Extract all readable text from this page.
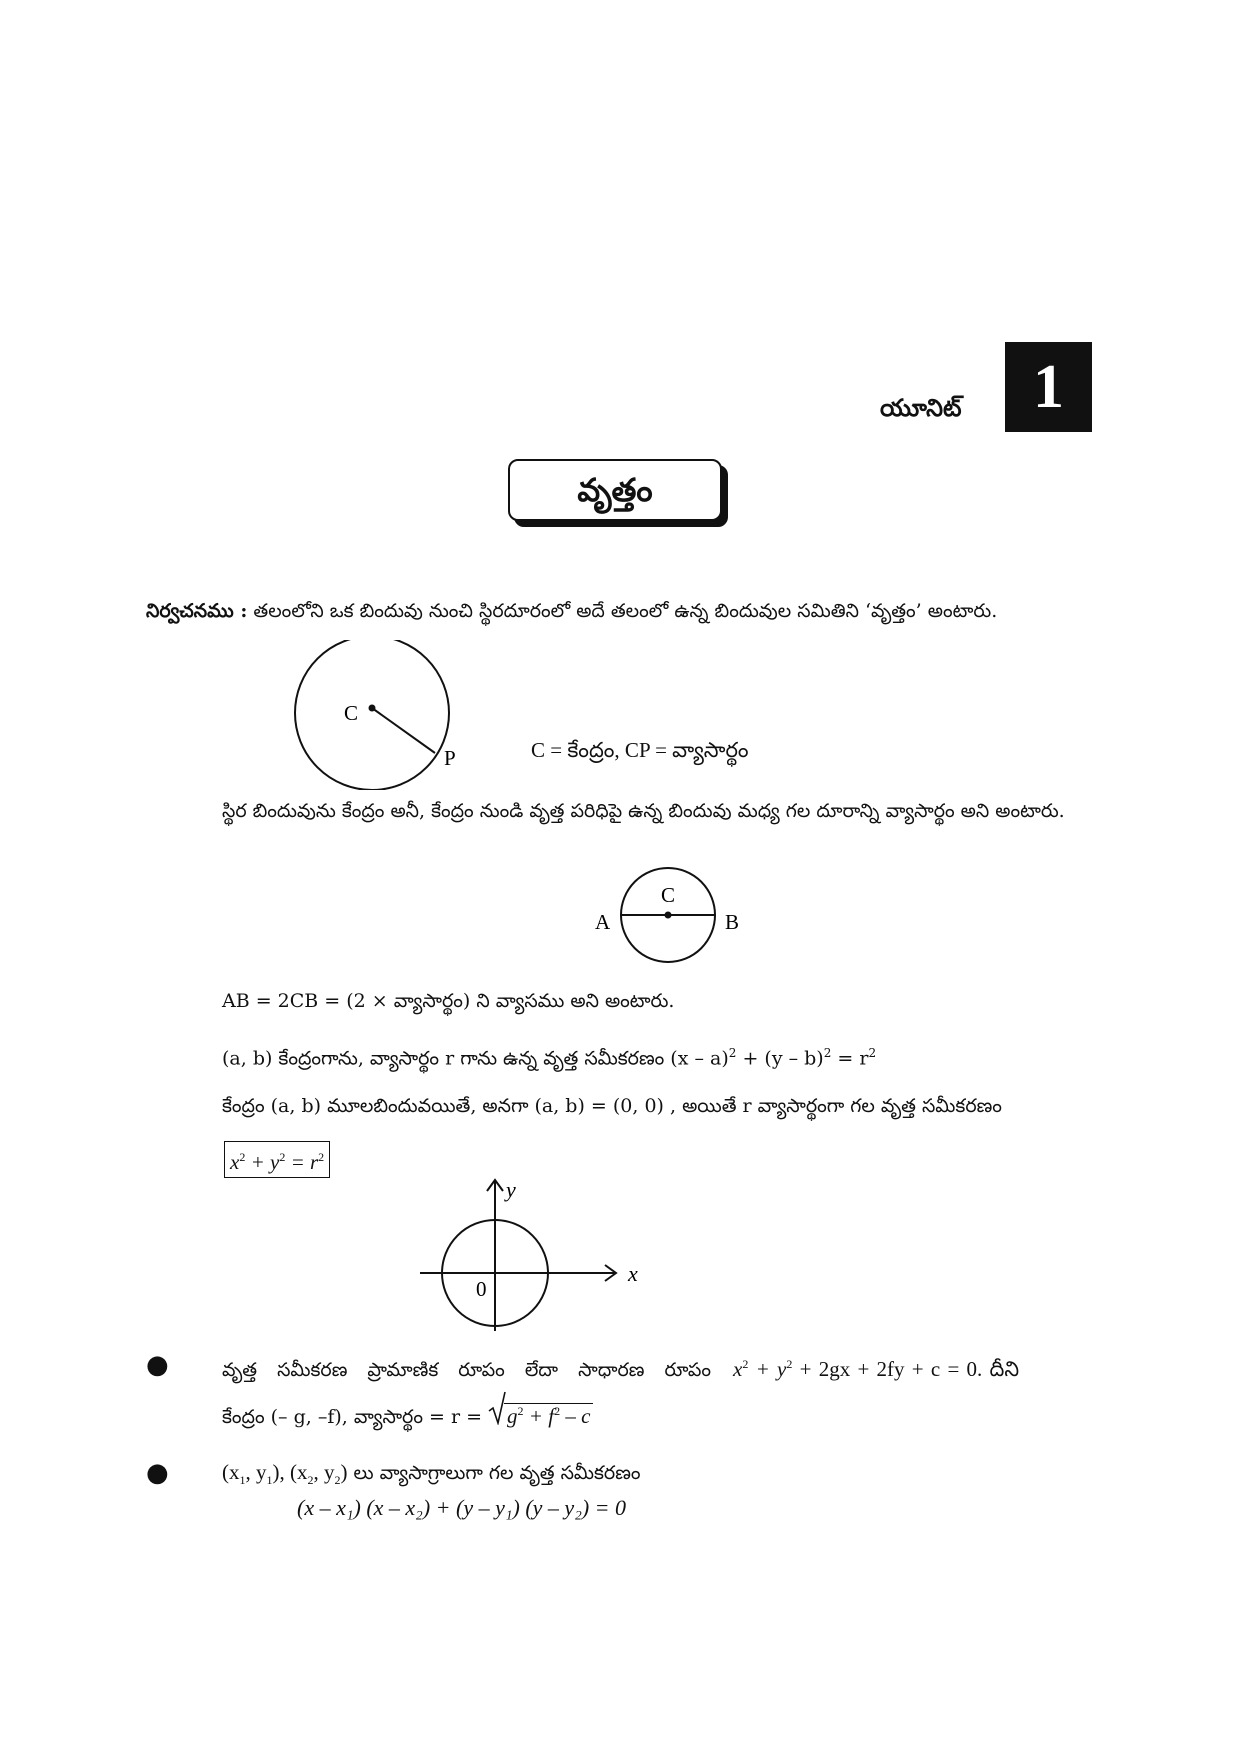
యూనిట్	1
వృత్తం
నిర్వచనము : తలంలోని ఒక బిందువు నుంచి స్థిరదూరంలో అదే తలంలో ఉన్న బిందువుల సమితిని ‘వృత్తం’ అంటారు.
C
P	C = కేంద్రం, CP = వ్యాసార్థం
స్థిర బిందువును కేంద్రం అనీ, కేంద్రం నుండి వృత్త పరిధిపై ఉన్న బిందువు మధ్య గల దూరాన్ని వ్యాసార్థం అని అంటారు.
A
C
B
AB = 2CB = (2 × వ్యాసార్థం) ని వ్యాసము అని అంటారు.
(a, b) కేంద్రంగాను, వ్యాసార్థం r గాను ఉన్న వృత్త సమీకరణం $(x - a)^2 + (y - b)^2 = r^2$
కేంద్రం (a, b) మూలబిందువయితే, అనగా (a, b) = (0, 0) , అయితే r వ్యాసార్థంగా గల వృత్త సమీకరణం
$x^2 + y^2 = r^2$
y
x
0
●	వృత్త సమీకరణ ప్రామాణిక రూపం లేదా సాధారణ రూపం $x^2 + y^2 + 2gx + 2fy + c = 0$. దీని
కేంద్రం (– g, –f), వ్యాసార్థం = $r = g^2 + f^2 - c$
●	($x_1$, $y_1$), ($x_2$, $y_2$) లు వ్యాసాగ్రాలుగా గల వృత్త సమీకరణం
(x – x₁) (x – x₂) + (y – y₁) (y – y₂) = 0
